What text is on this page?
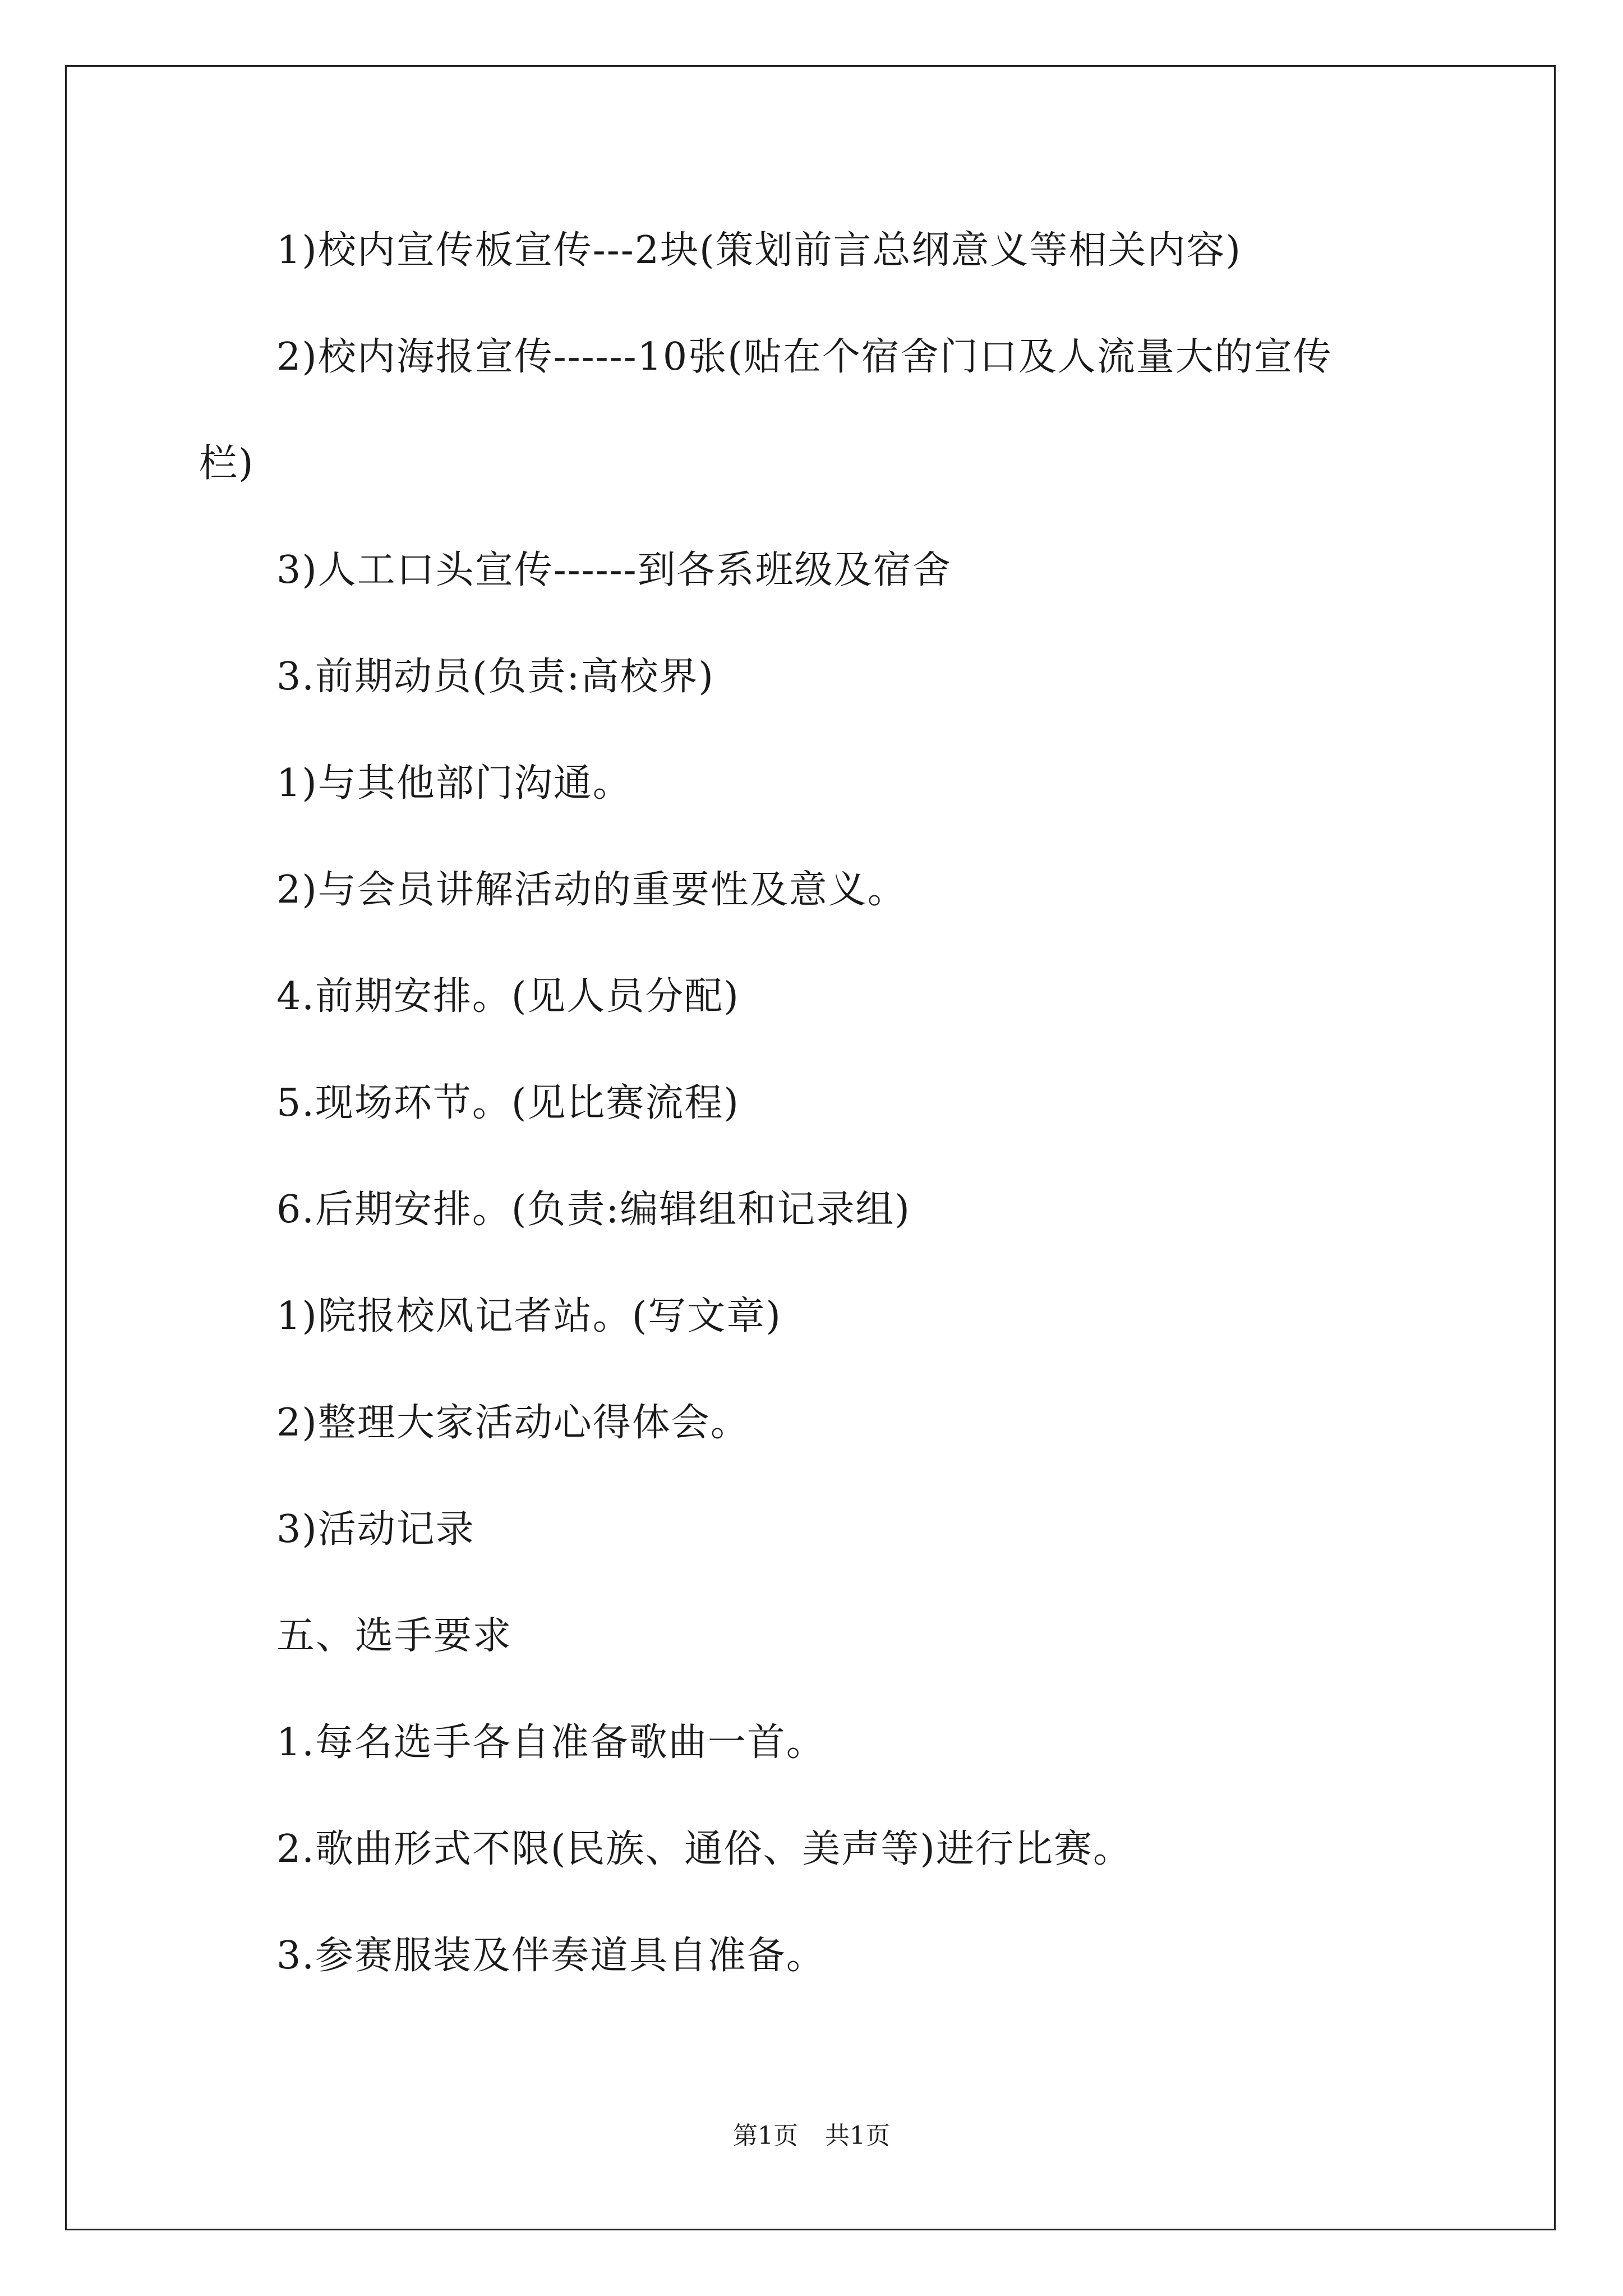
1)校内宣传板宣传---2块(策划前言总纲意义等相关内容)
2)校内海报宣传------10张(贴在个宿舍门口及人流量大的宣传
栏)
3)人工口头宣传------到各系班级及宿舍
3.前期动员(负责:高校界)
1)与其他部门沟通。
2)与会员讲解活动的重要性及意义。
4.前期安排。(见人员分配)
5.现场环节。(见比赛流程)
6.后期安排。(负责:编辑组和记录组)
1)院报校风记者站。(写文章)
2)整理大家活动心得体会。
3)活动记录
五、选手要求
1.每名选手各自准备歌曲一首。
2.歌曲形式不限(民族、通俗、美声等)进行比赛。
3.参赛服装及伴奏道具自准备。
第1页 共1页
